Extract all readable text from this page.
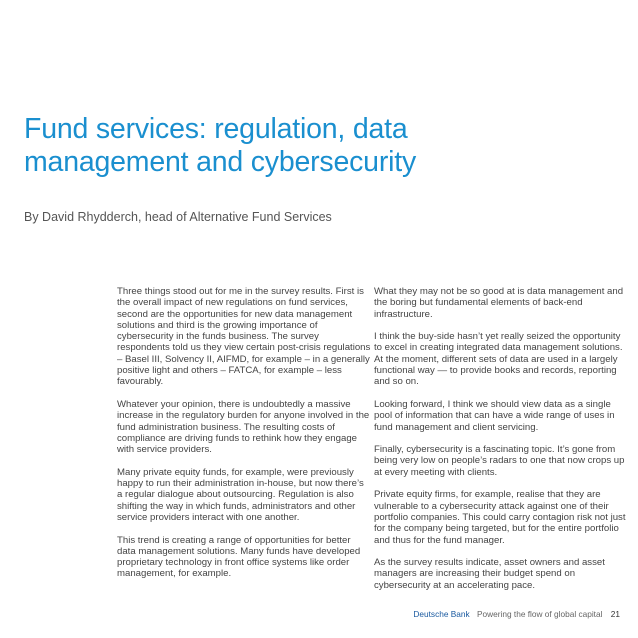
Fund services: regulation, data
management and cybersecurity

By David Rhydderch, head of Alternative Fund Services

Three things stood out for me in the survey results. First is the overall impact of new regulations on fund services, second are the opportunities for new data management solutions and third is the growing importance of cybersecurity in the funds business. The survey respondents told us they view certain post-crisis regulations – Basel III, Solvency II, AIFMD, for example – in a generally positive light and others – FATCA, for example – less favourably.

Whatever your opinion, there is undoubtedly a massive increase in the regulatory burden for anyone involved in the fund administration business. The resulting costs of compliance are driving funds to rethink how they engage with service providers.

Many private equity funds, for example, were previously happy to run their administration in-house, but now there’s a regular dialogue about outsourcing. Regulation is also shifting the way in which funds, administrators and other service providers interact with one another.

This trend is creating a range of opportunities for better data management solutions. Many funds have developed proprietary technology in front office systems like order management, for example.

What they may not be so good at is data management and the boring but fundamental elements of back-end infrastructure.

I think the buy-side hasn’t yet really seized the opportunity to excel in creating integrated data management solutions. At the moment, different sets of data are used in a largely functional way — to provide books and records, reporting and so on.

Looking forward, I think we should view data as a single pool of information that can have a wide range of uses in fund management and client servicing.

Finally, cybersecurity is a fascinating topic. It’s gone from being very low on people’s radars to one that now crops up at every meeting with clients.

Private equity firms, for example, realise that they are vulnerable to a cybersecurity attack against one of their portfolio companies. This could carry contagion risk not just for the company being targeted, but for the entire portfolio and thus for the fund manager.

As the survey results indicate, asset owners and asset managers are increasing their budget spend on cybersecurity at an accelerating pace.

Deutsche Bank Powering the flow of global capital 21
